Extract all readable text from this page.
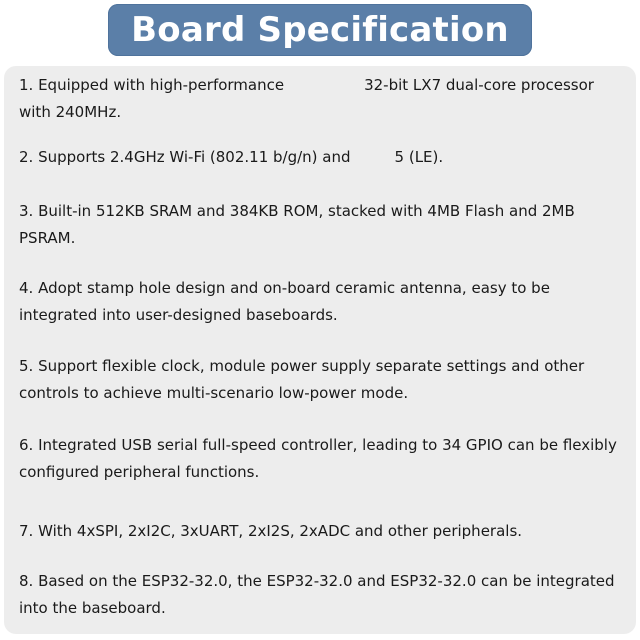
Board Specification
1. Equipped with high-performance	32-bit LX7 dual-core processor
with 240MHz.
2. Supports 2.4GHz Wi-Fi (802.11 b/g/n) and	5 (LE).
3. Built-in 512KB SRAM and 384KB ROM, stacked with 4MB Flash and 2MB PSRAM.
4. Adopt stamp hole design and on-board ceramic antenna, easy to be integrated into user-designed baseboards.
5. Support flexible clock, module power supply separate settings and other controls to achieve multi-scenario low-power mode.
6. Integrated USB serial full-speed controller, leading to 34 GPIO can be flexibly configured peripheral functions.
7. With 4xSPI, 2xI2C, 3xUART, 2xI2S, 2xADC and other peripherals.
8. Based on the ESP32-32.0, the ESP32-32.0 and ESP32-32.0 can be integrated into the baseboard.
